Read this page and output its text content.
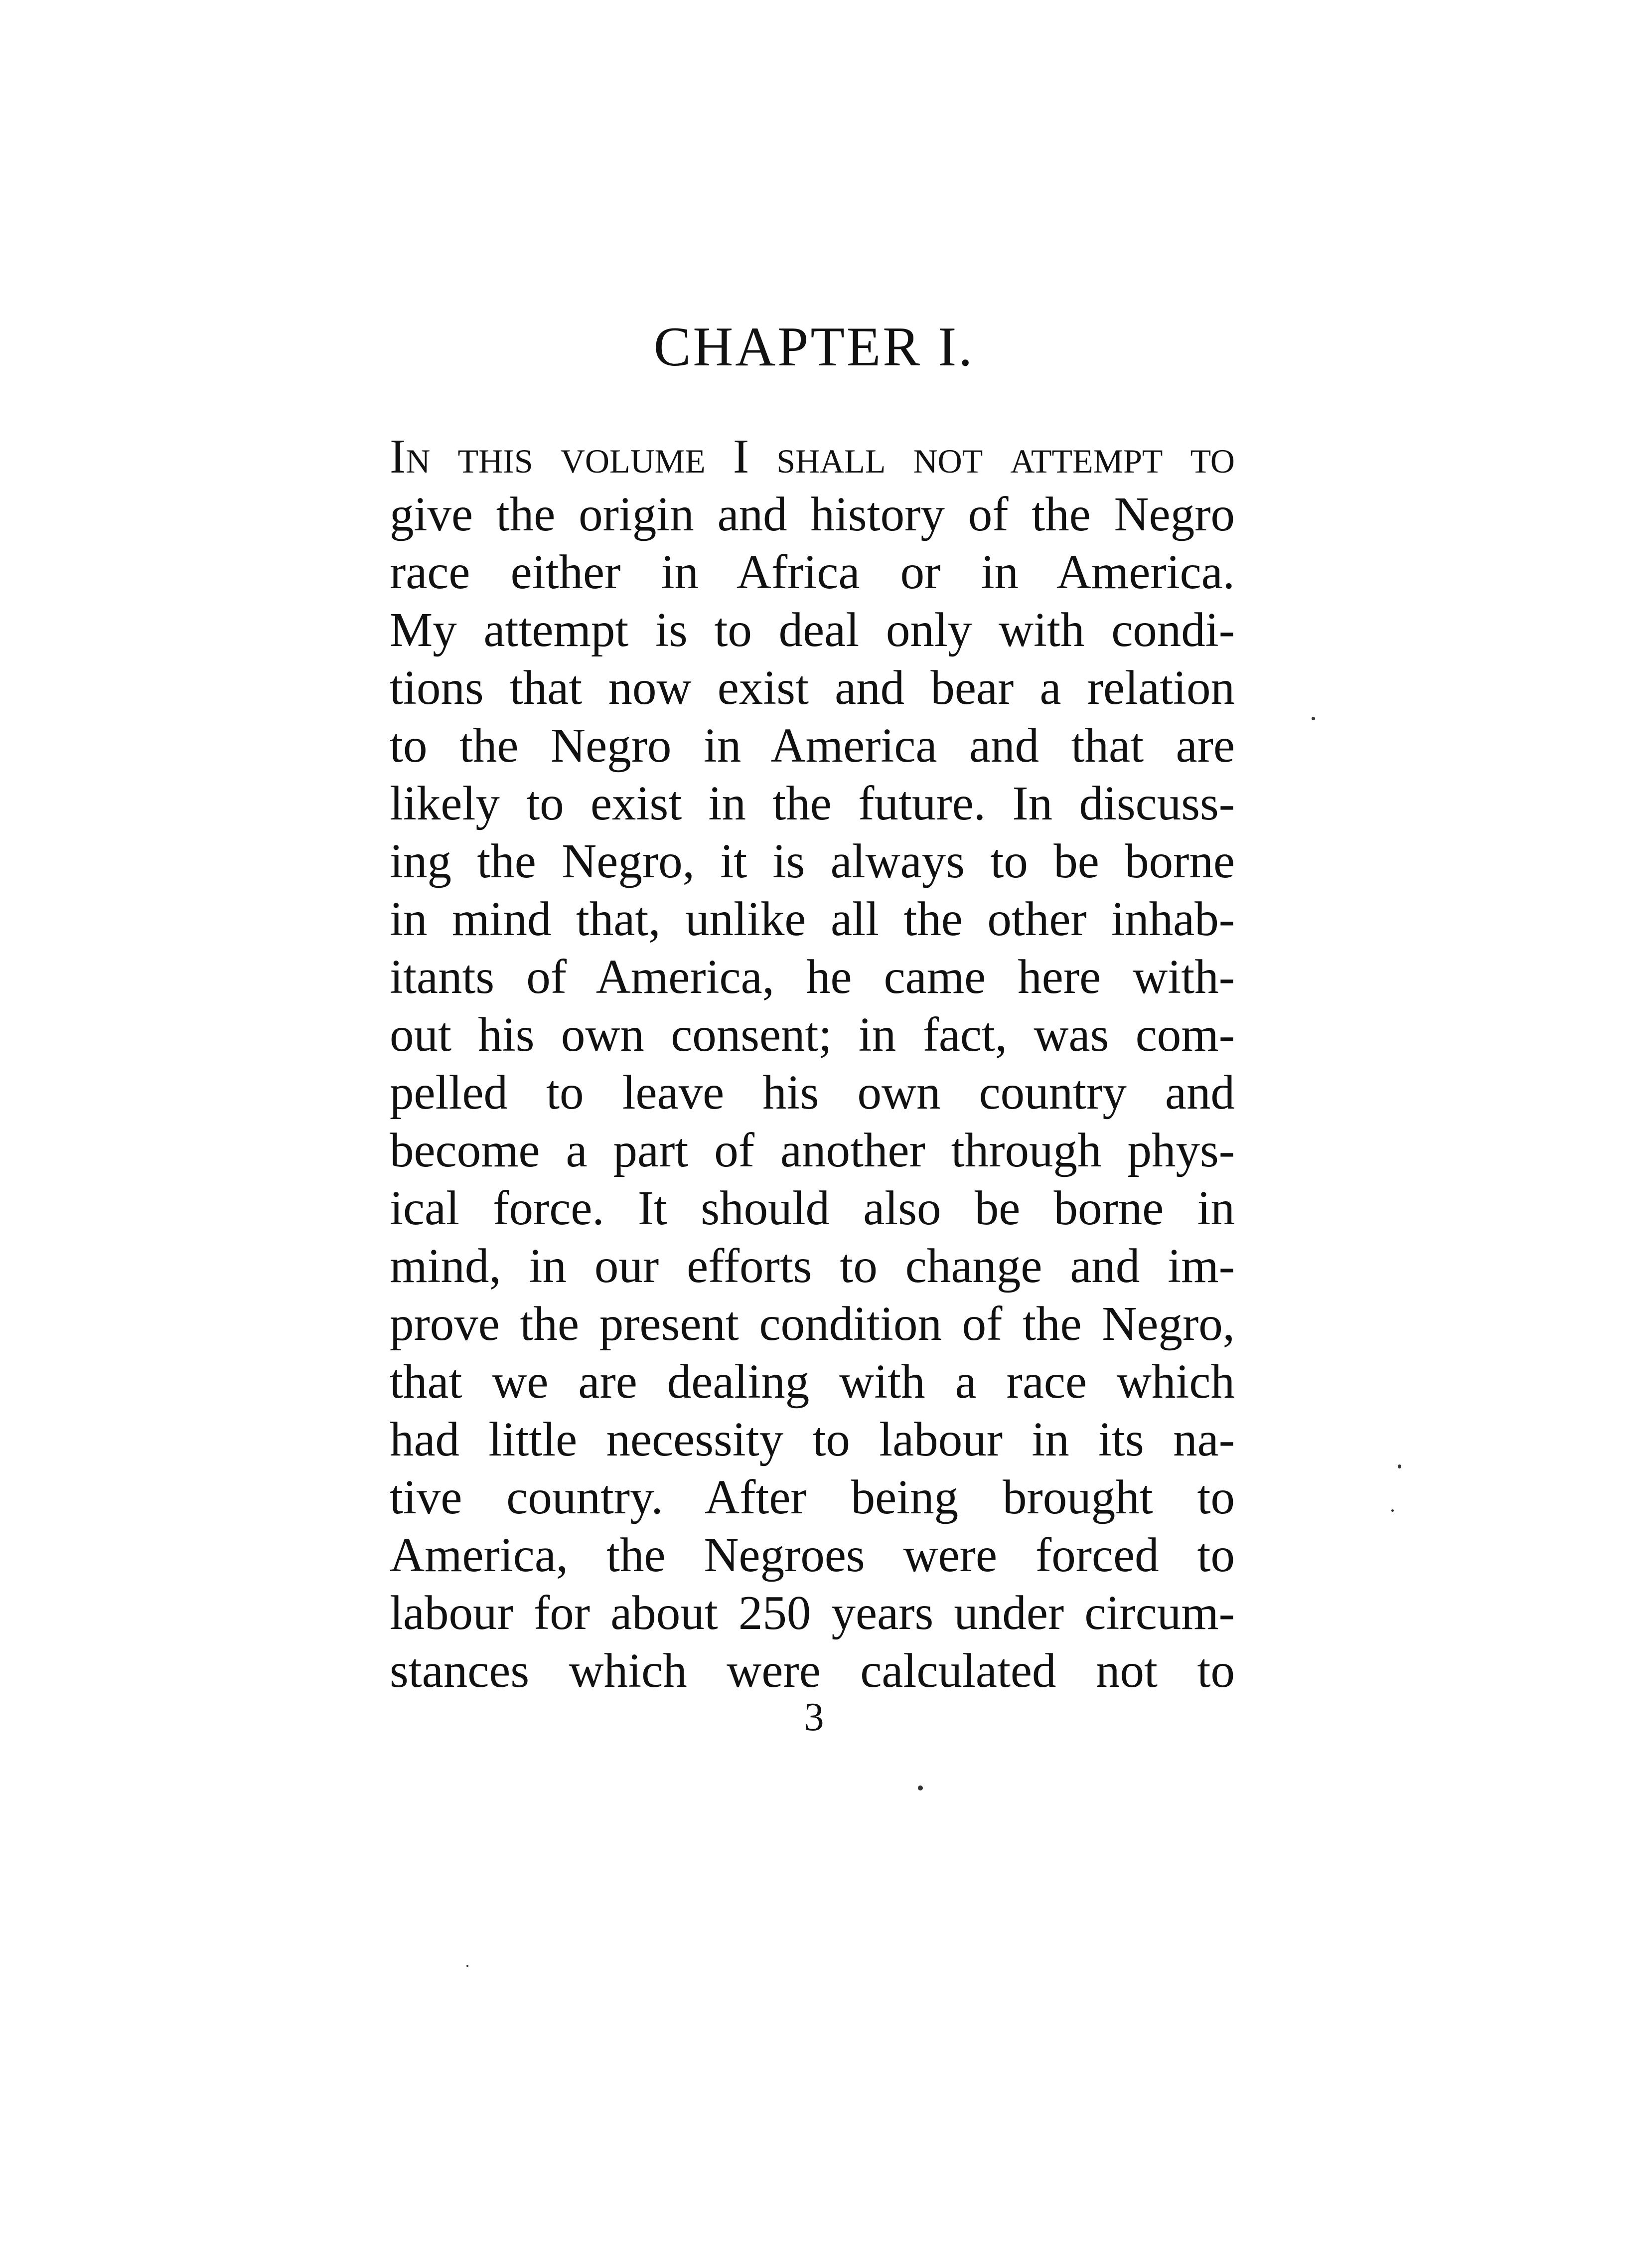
CHAPTER I.
In this volume I shall not attempt to
give the origin and history of the Negro
race either in Africa or in America.
My attempt is to deal only with condi-
tions that now exist and bear a relation
to the Negro in America and that are
likely to exist in the future. In discuss-
ing the Negro, it is always to be borne
in mind that, unlike all the other inhab-
itants of America, he came here with-
out his own consent; in fact, was com-
pelled to leave his own country and
become a part of another through phys-
ical force. It should also be borne in
mind, in our efforts to change and im-
prove the present condition of the Negro,
that we are dealing with a race which
had little necessity to labour in its na-
tive country. After being brought to
America, the Negroes were forced to
labour for about 250 years under circum-
stances which were calculated not to
3
